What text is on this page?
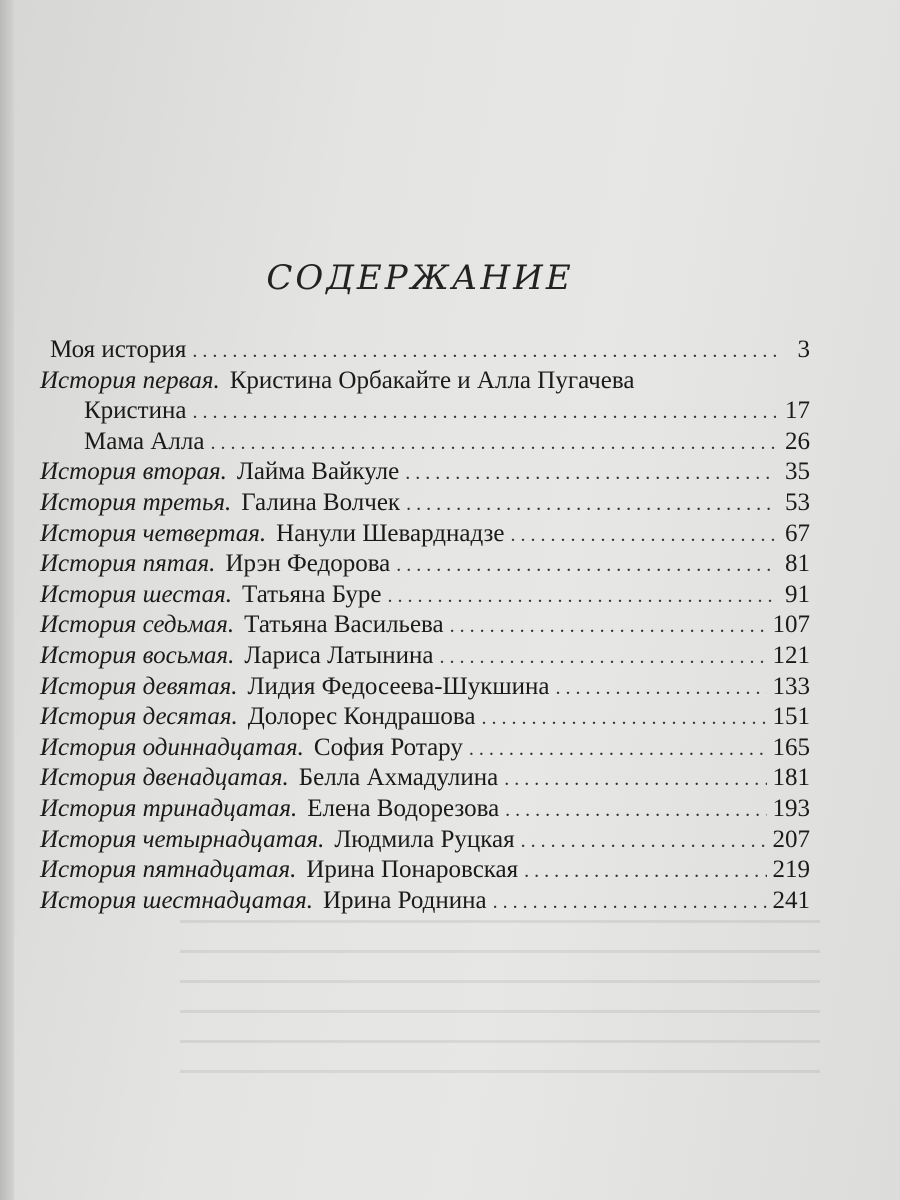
СОДЕРЖАНИЕ
Моя история . . .	3
История первая. Кристина Орбакайте и Алла Пугачева
Кристина . . .	17
Мама Алла . . .	26
История вторая. Лайма Вайкуле . . .	35
История третья. Галина Волчек . . .	53
История четвертая. Нанули Шеварднадзе . . .	67
История пятая. Ирэн Федорова . . .	81
История шестая. Татьяна Буре . . .	91
История седьмая. Татьяна Васильева . . .	107
История восьмая. Лариса Латынина . . .	121
История девятая. Лидия Федосеева-Шукшина . . .	133
История десятая. Долорес Кондрашова . . .	151
История одиннадцатая. София Ротару . . .	165
История двенадцатая. Белла Ахмадулина . . .	181
История тринадцатая. Елена Водорезова . . .	193
История четырнадцатая. Людмила Руцкая . . .	207
История пятнадцатая. Ирина Понаровская . . .	219
История шестнадцатая. Ирина Роднина . . .	241
